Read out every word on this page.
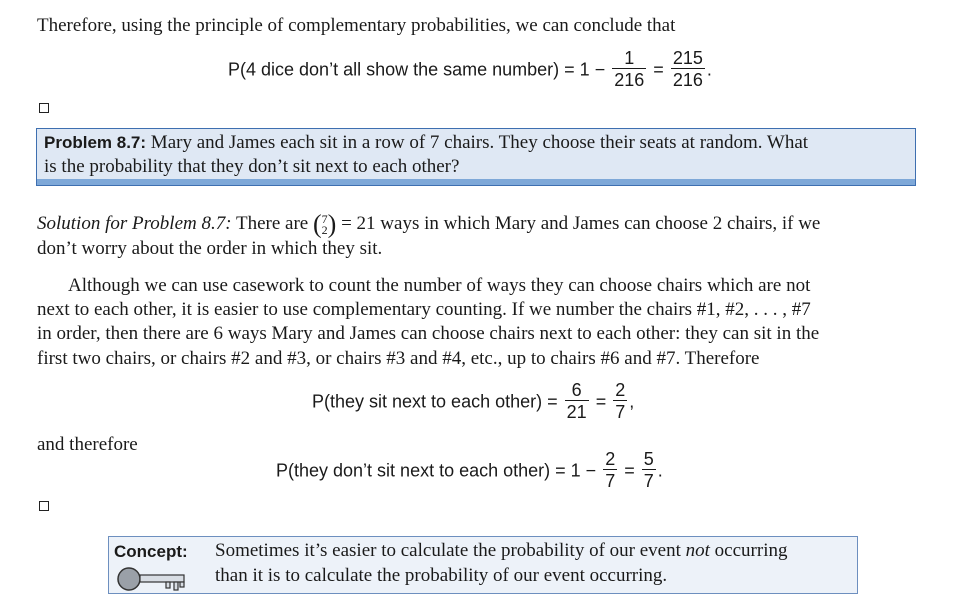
Therefore, using the principle of complementary probabilities, we can conclude that
P(4 dice don’t all show the same number) = $1 - \frac{1}{216} = \frac{215}{216}$ .
Problem 8.7: Mary and James each sit in a row of 7 chairs. They choose their seats at random. What
is the probability that they don’t sit next to each other?
Solution for Problem 8.7: There are ( 7
2 ) = 21 ways in which Mary and James can choose 2 chairs, if we
don’t worry about the order in which they sit.
Although we can use casework to count the number of ways they can choose chairs which are not
next to each other, it is easier to use complementary counting. If we number the chairs #1, #2, . . . , #7
in order, then there are 6 ways Mary and James can choose chairs next to each other: they can sit in the
first two chairs, or chairs #2 and #3, or chairs #3 and #4, etc., up to chairs #6 and #7. Therefore
P(they sit next to each other) = $\frac{6}{21} = \frac{2}{7}$ ,
and therefore
P(they don’t sit next to each other) = $1 - \frac{2}{7} = \frac{5}{7}$ .
Concept: Sometimes it’s easier to calculate the probability of our event not occurring
than it is to calculate the probability of our event occurring.
